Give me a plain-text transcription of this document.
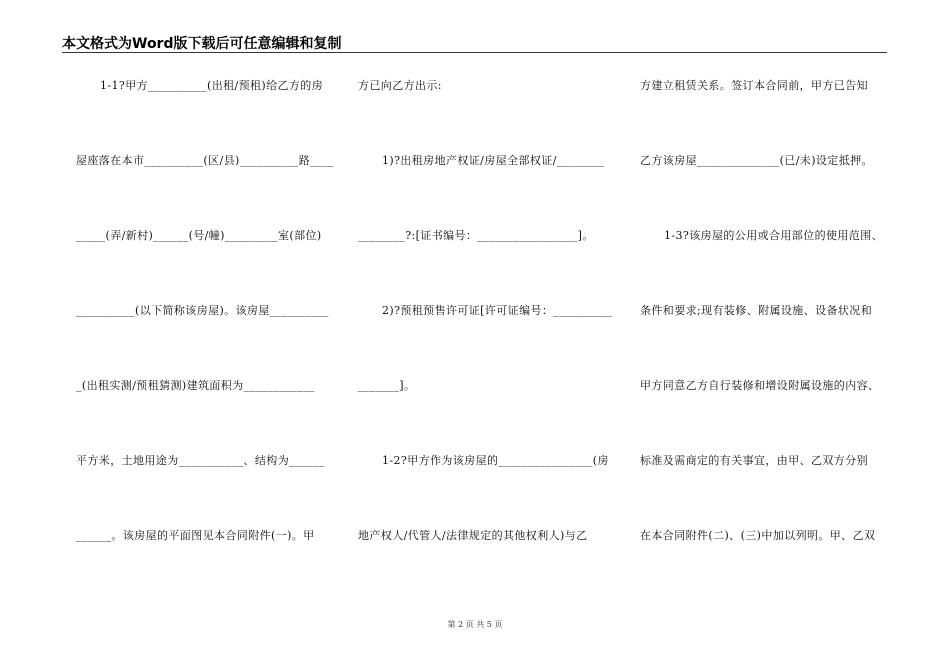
本文格式为Word版下载后可任意编辑和复制
1-1?甲方__________(出租/预租)给乙方的房
屋座落在本市__________(区/县)__________路____
_____(弄/新村)______(号/幢)_________室(部位)
__________(以下简称该房屋)。该房屋__________
_(出租实测/预租猜测)建筑面积为____________
平方米，土地用途为___________、结构为______
______。该房屋的平面图见本合同附件(一)。甲
方已向乙方出示:
1)?出租房地产权证/房屋全部权证/________
________?:[证书编号：_________________]。
2)?预租预售许可证[许可证编号：__________
_______]。
1-2?甲方作为该房屋的________________(房
地产权人/代管人/法律规定的其他权利人)与乙
方建立租赁关系。签订本合同前，甲方已告知
乙方该房屋______________(已/未)设定抵押。
1-3?该房屋的公用或合用部位的使用范围、
条件和要求;现有装修、附属设施、设备状况和
甲方同意乙方自行装修和增设附属设施的内容、
标准及需商定的有关事宜，由甲、乙双方分别
在本合同附件(二)、(三)中加以列明。甲、乙双
第 2 页 共 5 页
